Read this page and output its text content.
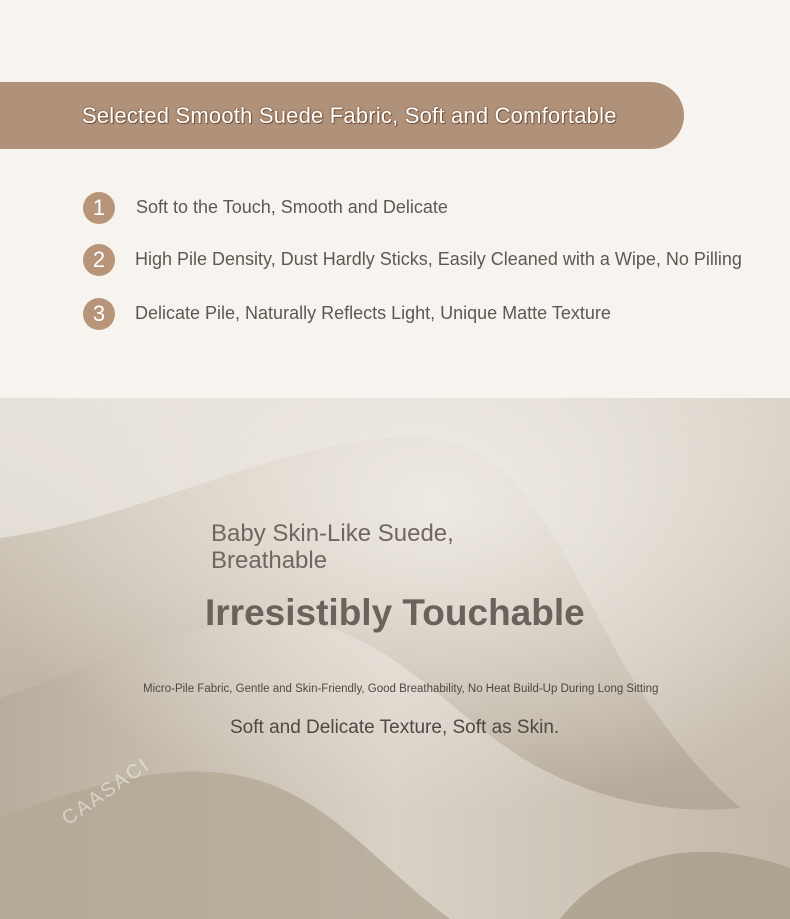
Selected Smooth Suede Fabric, Soft and Comfortable
1	Soft to the Touch, Smooth and Delicate
2	High Pile Density, Dust Hardly Sticks, Easily Cleaned with a Wipe, No Pilling
3	Delicate Pile, Naturally Reflects Light, Unique Matte Texture
Baby Skin-Like Suede,
Breathable
Irresistibly Touchable
Micro-Pile Fabric, Gentle and Skin-Friendly, Good Breathability, No Heat Build-Up During Long Sitting
Soft and Delicate Texture, Soft as Skin.
CAASACI
